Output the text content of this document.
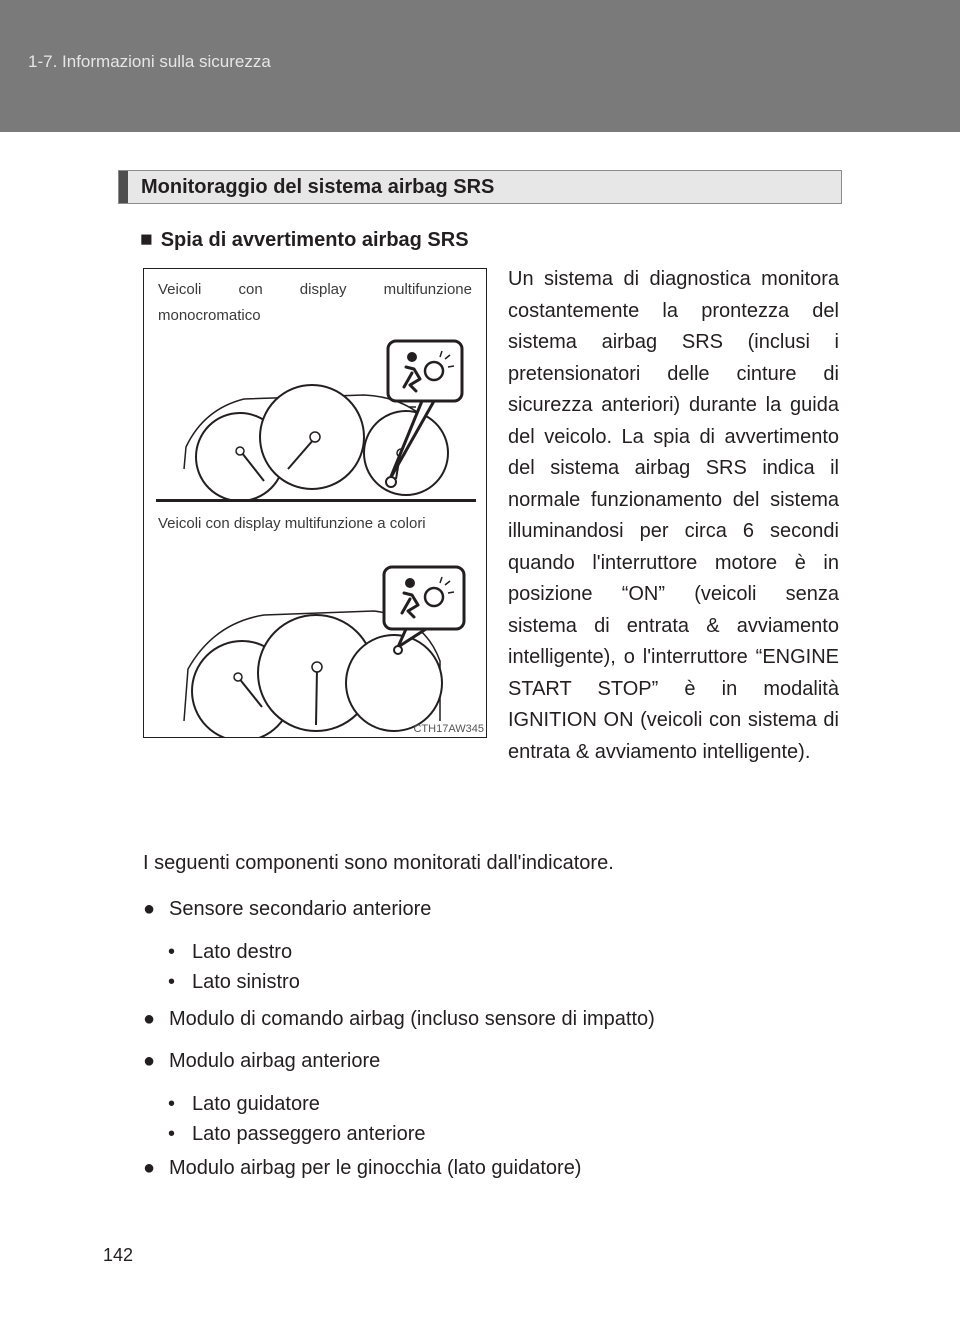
1-7. Informazioni sulla sicurezza
Monitoraggio del sistema airbag SRS
■ Spia di avvertimento airbag SRS
Veicoli con display multifunzione monocromatico
Veicoli con display multifunzione a colori
CTH17AW345
Un sistema di diagnostica monitora costantemente la prontezza del sistema airbag SRS (inclusi i pretensionatori delle cinture di sicurezza anteriori) durante la guida del veicolo. La spia di avvertimento del sistema airbag SRS indica il normale funzionamento del sistema illuminandosi per circa 6 secondi quando l'interruttore motore è in posizione “ON” (veicoli senza sistema di entrata & avviamento intelligente), o l'interruttore “ENGINE START STOP” è in modalità IGNITION ON (veicoli con sistema di entrata & avviamento intelligente).
I seguenti componenti sono monitorati dall'indicatore.
● Sensore secondario anteriore
• Lato destro
• Lato sinistro
● Modulo di comando airbag (incluso sensore di impatto)
● Modulo airbag anteriore
• Lato guidatore
• Lato passeggero anteriore
● Modulo airbag per le ginocchia (lato guidatore)
142
